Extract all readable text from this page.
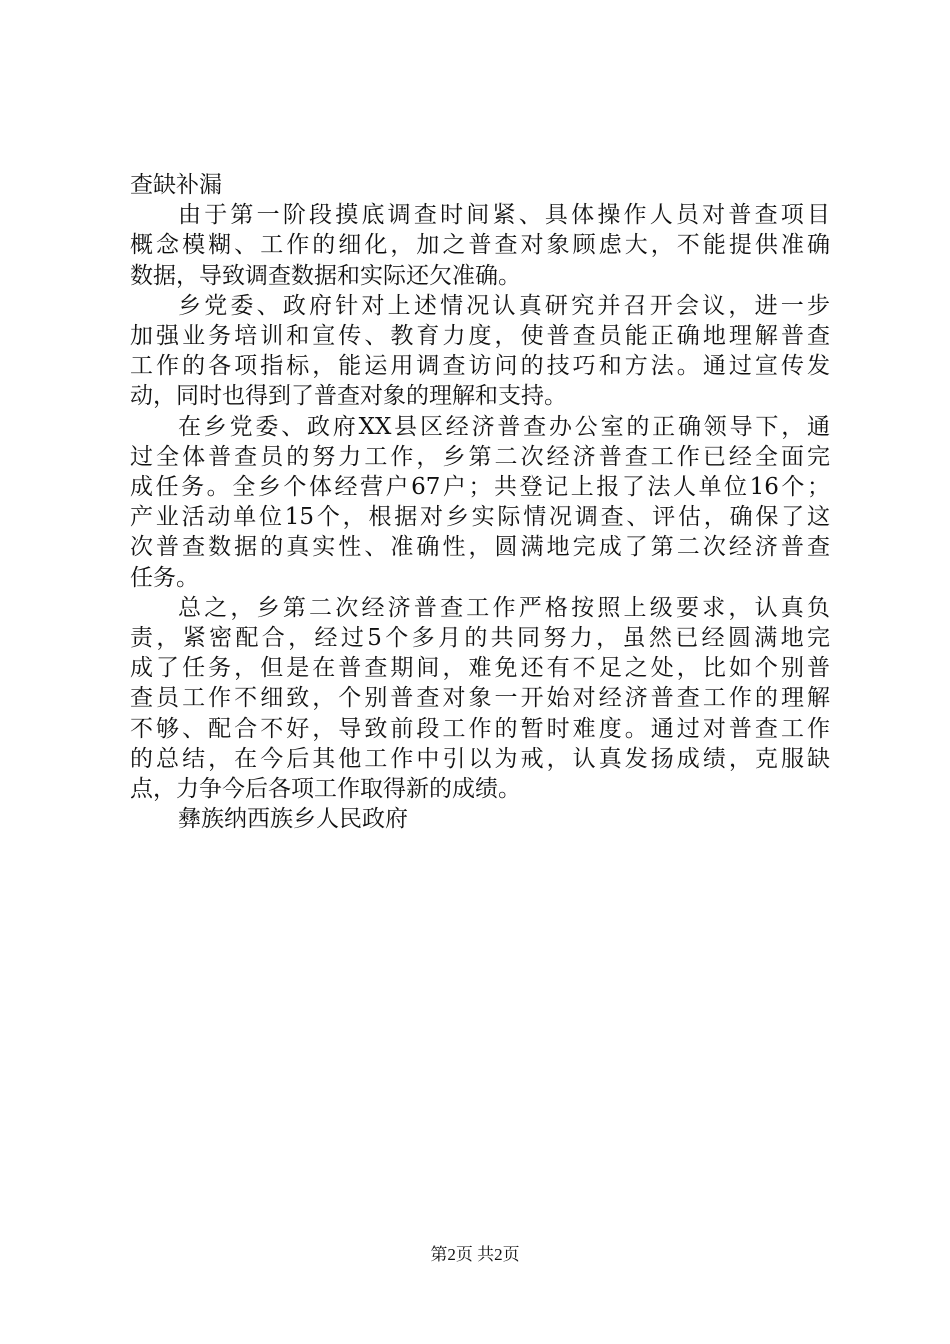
查缺补漏

由于第一阶段摸底调查时间紧、具体操作人员对普查项目

概念模糊、工作的细化，加之普查对象顾虑大，不能提供准确

数据，导致调查数据和实际还欠准确。

乡党委、政府针对上述情况认真研究并召开会议，进一步

加强业务培训和宣传、教育力度，使普查员能正确地理解普查

工作的各项指标，能运用调查访问的技巧和方法。通过宣传发

动，同时也得到了普查对象的理解和支持。

在乡党委、政府XX县区经济普查办公室的正确领导下，通

过全体普查员的努力工作，乡第二次经济普查工作已经全面完

成任务。全乡个体经营户67户；共登记上报了法人单位16个；

产业活动单位15个，根据对乡实际情况调查、评估，确保了这

次普查数据的真实性、准确性，圆满地完成了第二次经济普查

任务。

总之，乡第二次经济普查工作严格按照上级要求，认真负

责，紧密配合，经过5个多月的共同努力，虽然已经圆满地完

成了任务，但是在普查期间，难免还有不足之处，比如个别普

查员工作不细致，个别普查对象一开始对经济普查工作的理解

不够、配合不好，导致前段工作的暂时难度。通过对普查工作

的总结，在今后其他工作中引以为戒，认真发扬成绩，克服缺

点，力争今后各项工作取得新的成绩。

彝族纳西族乡人民政府

第2页 共2页
